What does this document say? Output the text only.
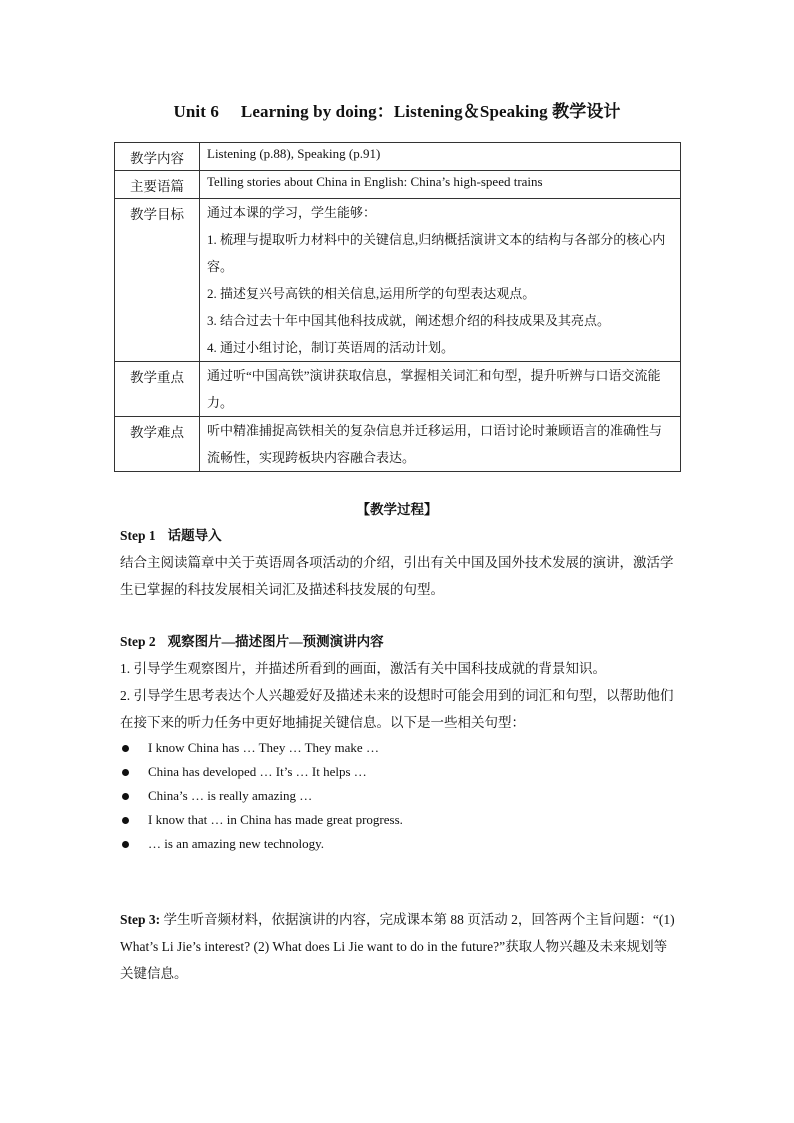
Unit 6 Learning by doing：Listening＆Speaking 教学设计
教学内容	Listening (p.88), Speaking (p.91)

主要语篇	Telling stories about China in English: China’s high-speed trains

教学目标	通过本课的学习，学生能够：

1. 梳理与提取听力材料中的关键信息,归纳概括演讲文本的结构与各部分的核心内容。

2. 描述复兴号高铁的相关信息,运用所学的句型表达观点。

3. 结合过去十年中国其他科技成就，阐述想介绍的科技成果及其亮点。

4. 通过小组讨论，制订英语周的活动计划。

教学重点	通过听“中国高铁”演讲获取信息，掌握相关词汇和句型，提升听辨与口语交流能力。

教学难点	听中精准捕捉高铁相关的复杂信息并迁移运用，口语讨论时兼顾语言的准确性与流畅性，实现跨板块内容融合表达。

【教学过程】
Step 1 话题导入

结合主阅读篇章中关于英语周各项活动的介绍，引出有关中国及国外技术发展的演讲，激活学生已掌握的科技发展相关词汇及描述科技发展的句型。

Step 2 观察图片—描述图片—预测演讲内容

1. 引导学生观察图片，并描述所看到的画面，激活有关中国科技成就的背景知识。

2. 引导学生思考表达个人兴趣爱好及描述未来的设想时可能会用到的词汇和句型，以帮助他们在接下来的听力任务中更好地捕捉关键信息。以下是一些相关句型：

I know China has … They … They make …
China has developed … It’s … It helps …
China’s … is really amazing …
I know that … in China has made great progress.
… is an amazing new technology.

Step 3: 学生听音频材料，依据演讲的内容，完成课本第 88 页活动 2，回答两个主旨问题：“(1) What’s Li Jie’s interest? (2) What does Li Jie want to do in the future?”获取人物兴趣及未来规划等关键信息。
